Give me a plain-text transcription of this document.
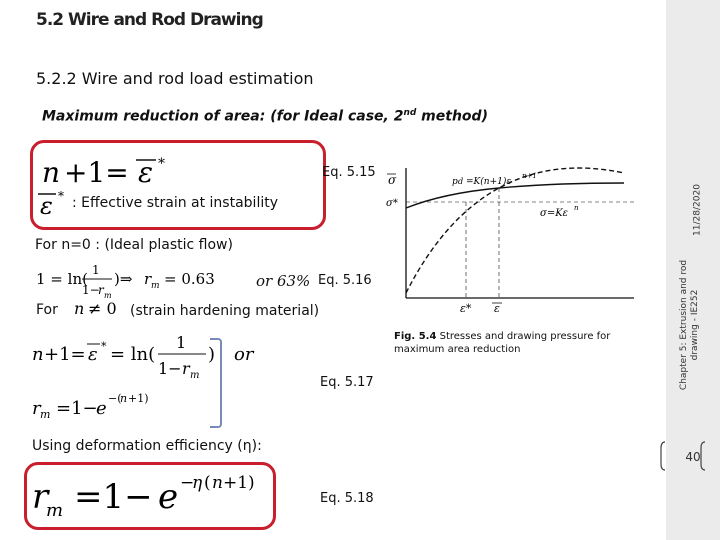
5.2 Wire and Rod Drawing
5.2.2 Wire and rod load estimation
Maximum reduction of area: (for Ideal case, 2nd method)
11/28/2020
Chapter 5: Extrusion and rod drawing - IE252
40
n +1= ε *
ε * : Effective strain at instability
Eq. 5.15
For n=0 : (Ideal plastic flow)
1 = ln( 1
1−
r m
)⇒ r m = 0.63	or 63% Eq. 5.16
For n ≠ 0 (strain hardening material)
n +1= ε * = ln(
1
1− r m
) or
r m =1−
e −(
n +1)
Eq. 5.17
Using deformation efficiency (η):
r
m =1− e −
η ( n +1)
Eq. 5.18
σ
σ*
p d =K(n+1)ε
n+1
σ=Kε n
ε* ε
Fig. 5.4 Stresses and drawing pressure for
maximum area reduction
